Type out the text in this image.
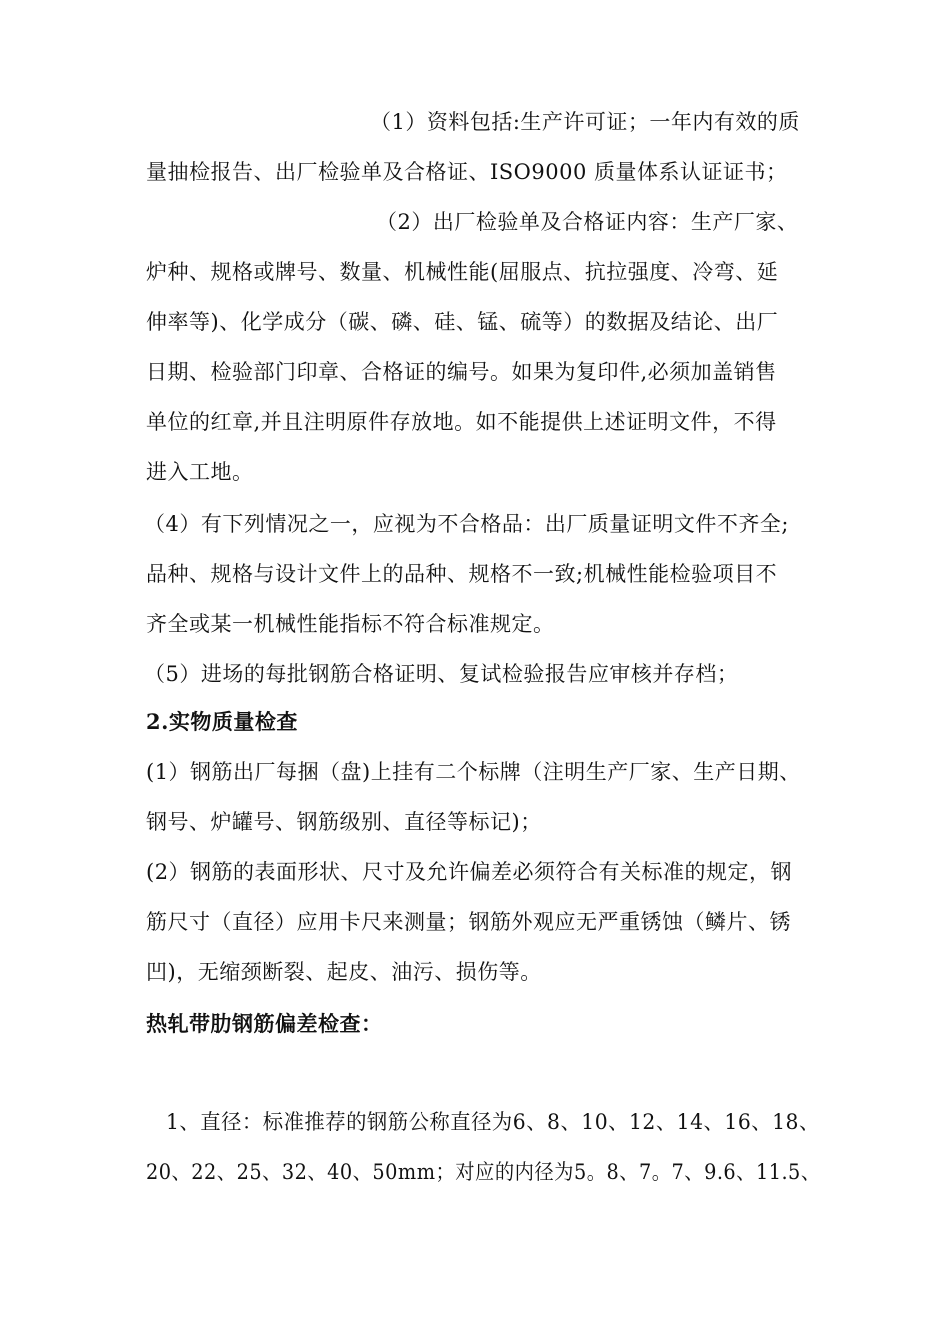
（1）资料包括:生产许可证；一年内有效的质
量抽检报告、出厂检验单及合格证、ISO9000 质量体系认证证书；
（2）出厂检验单及合格证内容：生产厂家、
炉种、规格或牌号、数量、机械性能(屈服点、抗拉强度、冷弯、延
伸率等)、化学成分（碳、磷、硅、锰、硫等）的数据及结论、出厂
日期、检验部门印章、合格证的编号。如果为复印件,必须加盖销售
单位的红章,并且注明原件存放地。如不能提供上述证明文件，不得
进入工地。
（4）有下列情况之一，应视为不合格品：出厂质量证明文件不齐全;
品种、规格与设计文件上的品种、规格不一致;机械性能检验项目不
齐全或某一机械性能指标不符合标准规定。
（5）进场的每批钢筋合格证明、复试检验报告应审核并存档；
2.实物质量检查
(1）钢筋出厂每捆（盘)上挂有二个标牌（注明生产厂家、生产日期、
钢号、炉罐号、钢筋级别、直径等标记)；
(2）钢筋的表面形状、尺寸及允许偏差必须符合有关标准的规定，钢
筋尺寸（直径）应用卡尺来测量；钢筋外观应无严重锈蚀（鳞片、锈
凹)，无缩颈断裂、起皮、油污、损伤等。
热轧带肋钢筋偏差检查：
1、直径：标准推荐的钢筋公称直径为6、8、10、12、14、16、18、
20、22、25、32、40、50mm；对应的内径为5。8、7。7、9.6、11.5、
